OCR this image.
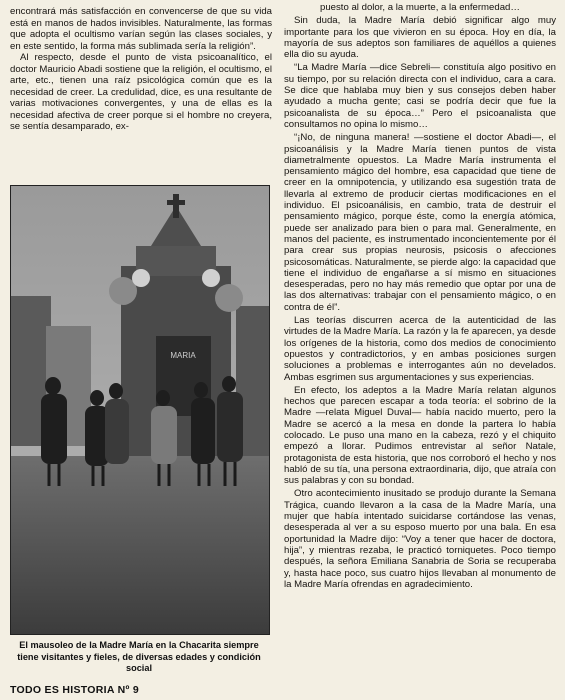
encontrará más satisfacción en convencerse de que su vida está en manos de hados invisibles. Naturalmente, las formas que adopta el ocultismo varían según las clases sociales, y en este sentido, la forma más sublimada sería la religión”.

Al respecto, desde el punto de vista psicoanalítico, el doctor Mauricio Abadi sostiene que la religión, el ocultismo, el arte, etc., tienen una raíz psicológica común que es la necesidad de creer. La credulidad, dice, es una resultante de varias motivaciones convergentes, y una de ellas es la necesidad afectiva de creer porque si el hombre no creyera, se sentía desamparado, ex-

MARIA
El mausoleo de la Madre María en la Chacarita siempre tiene visitantes y fieles, de diversas edades y condición social

puesto al dolor, a la muerte, a la enfermedad…

Sin duda, la Madre María debió significar algo muy importante para los que vivieron en su época. Hoy en día, la mayoría de sus adeptos son familiares de aquéllos a quienes ella dio su ayuda.

“La Madre María —dice Sebreli— constituía algo positivo en su tiempo, por su relación directa con el individuo, cara a cara. Se dice que hablaba muy bien y sus consejos deben haber ayudado a mucha gente; casi se podría decir que fue la psicoanalista de su época…” Pero el psicoanalista que consultamos no opina lo mismo…

“¡No, de ninguna manera! —sostiene el doctor Abadi—, el psicoanálisis y la Madre María tienen puntos de vista diametralmente opuestos. La Madre María instrumenta el pensamiento mágico del hombre, esa capacidad que tiene de creer en la omnipotencia, y utilizando esa sugestión trata de llevarla al extremo de producir ciertas modificaciones en el individuo. El psicoanálisis, en cambio, trata de destruir el pensamiento mágico, porque éste, como la energía atómica, puede ser analizado para bien o para mal. Generalmente, en manos del paciente, es instrumentado inconcientemente por él para crear sus propias neurosis, psicosis o afecciones psicosomáticas. Naturalmente, se pierde algo: la capacidad que tiene el individuo de engañarse a sí mismo en situaciones desesperadas, pero no hay más remedio que optar por una de las dos alternativas: trabajar con el pensamiento mágico, o en contra de él”.

Las teorías discurren acerca de la autenticidad de las virtudes de la Madre María. La razón y la fe aparecen, ya desde los orígenes de la historia, como dos medios de conocimiento opuestos y contradictorios, y en ambas posiciones surgen soluciones a problemas e interrogantes aún no develados. Ambas esgrimen sus argumentaciones y sus experiencias.

En efecto, los adeptos a la Madre María relatan algunos hechos que parecen escapar a toda teoría: el sobrino de la Madre —relata Miguel Duval— había nacido muerto, pero la Madre se acercó a la mesa en donde la partera lo había colocado. Le puso una mano en la cabeza, rezó y el chiquito empezó a llorar. Pudimos entrevistar al señor Natale, protagonista de esta historia, que nos corroboró el hecho y nos habló de su tía, una persona extraordinaria, dijo, que atraía con sus palabras y con su bondad.

Otro acontecimiento inusitado se produjo durante la Semana Trágica, cuando llevaron a la casa de la Madre María, una mujer que había intentado suicidarse cortándose las venas, desesperada al ver a su esposo muerto por una bala. En esa oportunidad la Madre dijo: “Voy a tener que hacer de doctora, hija”, y mientras rezaba, le practicó torniquetes. Poco tiempo después, la señora Emiliana Sanabria de Soria se recuperaba y, hasta hace poco, sus cuatro hijos llevaban al monumento de la Madre María ofrendas en agradecimiento.

TODO ES HISTORIA Nº 9
